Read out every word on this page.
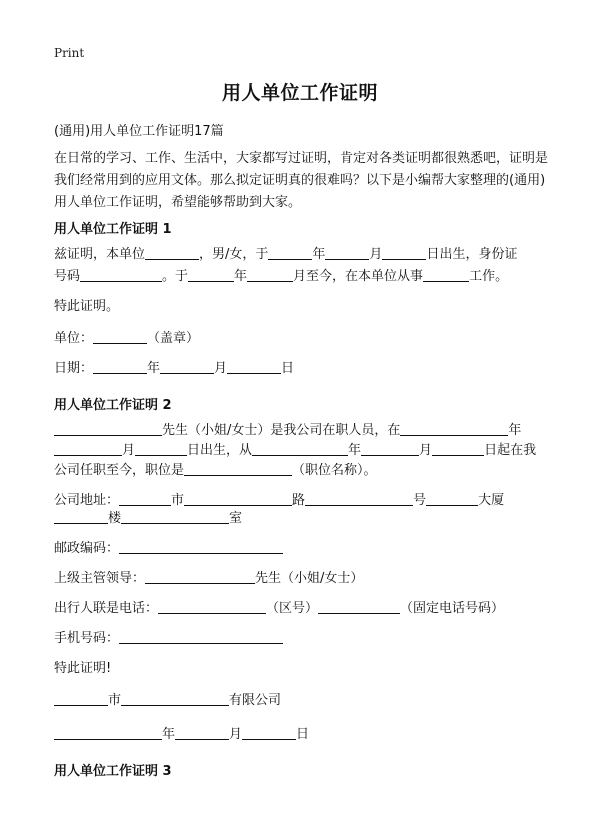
Print
用人单位工作证明
(通用)用人单位工作证明17篇
在日常的学习、工作、生活中，大家都写过证明，肯定对各类证明都很熟悉吧，证明是我们经常用到的应用文体。那么拟定证明真的很难吗？以下是小编帮大家整理的(通用)用人单位工作证明，希望能够帮助到大家。
用人单位工作证明 1
兹证明，本单位	，男/女，于	年	月	日出生，身份证
号码	。于	年	月至今，在本单位从事	工作。
特此证明。
单位：	（盖章）
日期：	年	月	日
用人单位工作证明 2
先生（小姐/女士）是我公司在职人员，在	年
月	日出生，从	年	月	日起在我
公司任职至今，职位是	（职位名称）。
公司地址：	市	路	号	大厦
楼	室
邮政编码：
上级主管领导：	先生（小姐/女士）
出行人联是电话：	（区号）	（固定电话号码）
手机号码：
特此证明!
市	有限公司
年	月	日
用人单位工作证明 3
